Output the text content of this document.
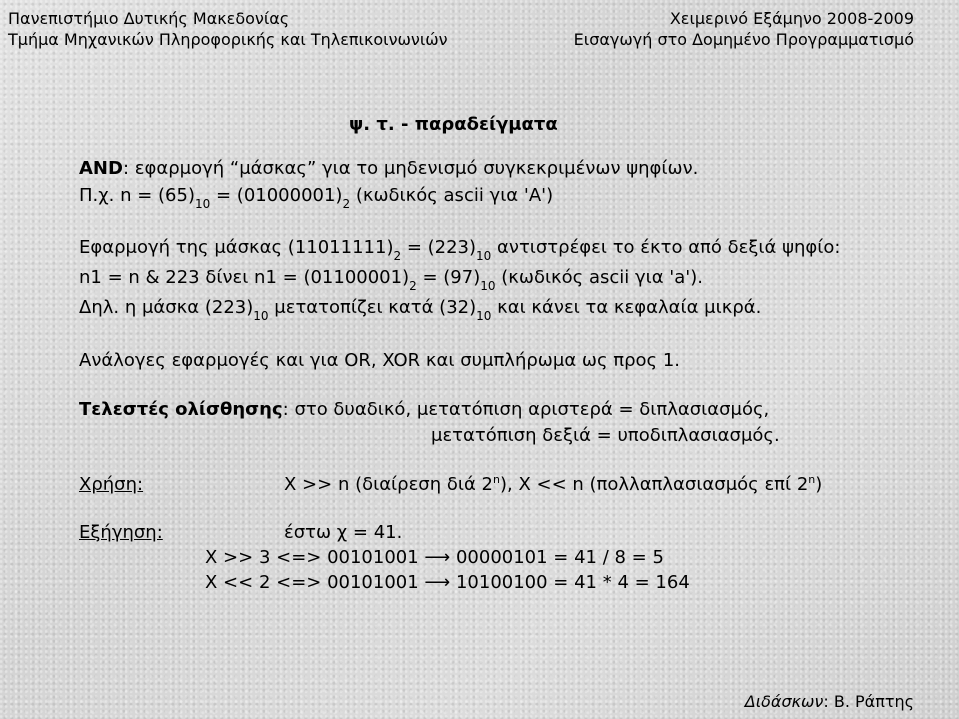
Πανεπιστήμιο Δυτικής Μακεδονίας
Τμήμα Μηχανικών Πληροφορικής και Τηλεπικοινωνιών
Χειμερινό Εξάμηνο 2008-2009
Εισαγωγή στο Δομημένο Προγραμματισμό
ψ. τ. - παραδείγματα
AND: εφαρμογή “μάσκας” για το μηδενισμό συγκεκριμένων ψηφίων.
Π.χ. $n = (65)_{10} = (01000001)_2$ (κωδικός ascii για 'A')
Εφαρμογή της μάσκας $(11011111)_2 = (223)_{10}$ αντιστρέφει το έκτο από δεξιά ψηφίο:
n1 = n & 223 δίνει $n1 = (01100001)_2 = (97)_{10}$ (κωδικός ascii για 'a').
Δηλ. η μάσκα $(223)_{10}$ μετατοπίζει κατά $(32)_{10}$ και κάνει τα κεφαλαία μικρά.
Ανάλογες εφαρμογές και για OR, XOR και συμπλήρωμα ως προς 1.
Τελεστές ολίσθησης: στο δυαδικό, μετατόπιση αριστερά = διπλασιασμός,
μετατόπιση δεξιά = υποδιπλασιασμός.
Χρήση:	X >> n (διαίρεση διά 2$^n$), X << n (πολλαπλασιασμός επί 2$^n$)
Εξήγηση:	έστω χ = 41.
X >> 3 <=> 00101001 ⟶ 00000101 = 41 / 8 = 5
X << 2 <=> 00101001 ⟶ 10100100 = 41 * 4 = 164
Διδάσκων: Β. Ράπτης
